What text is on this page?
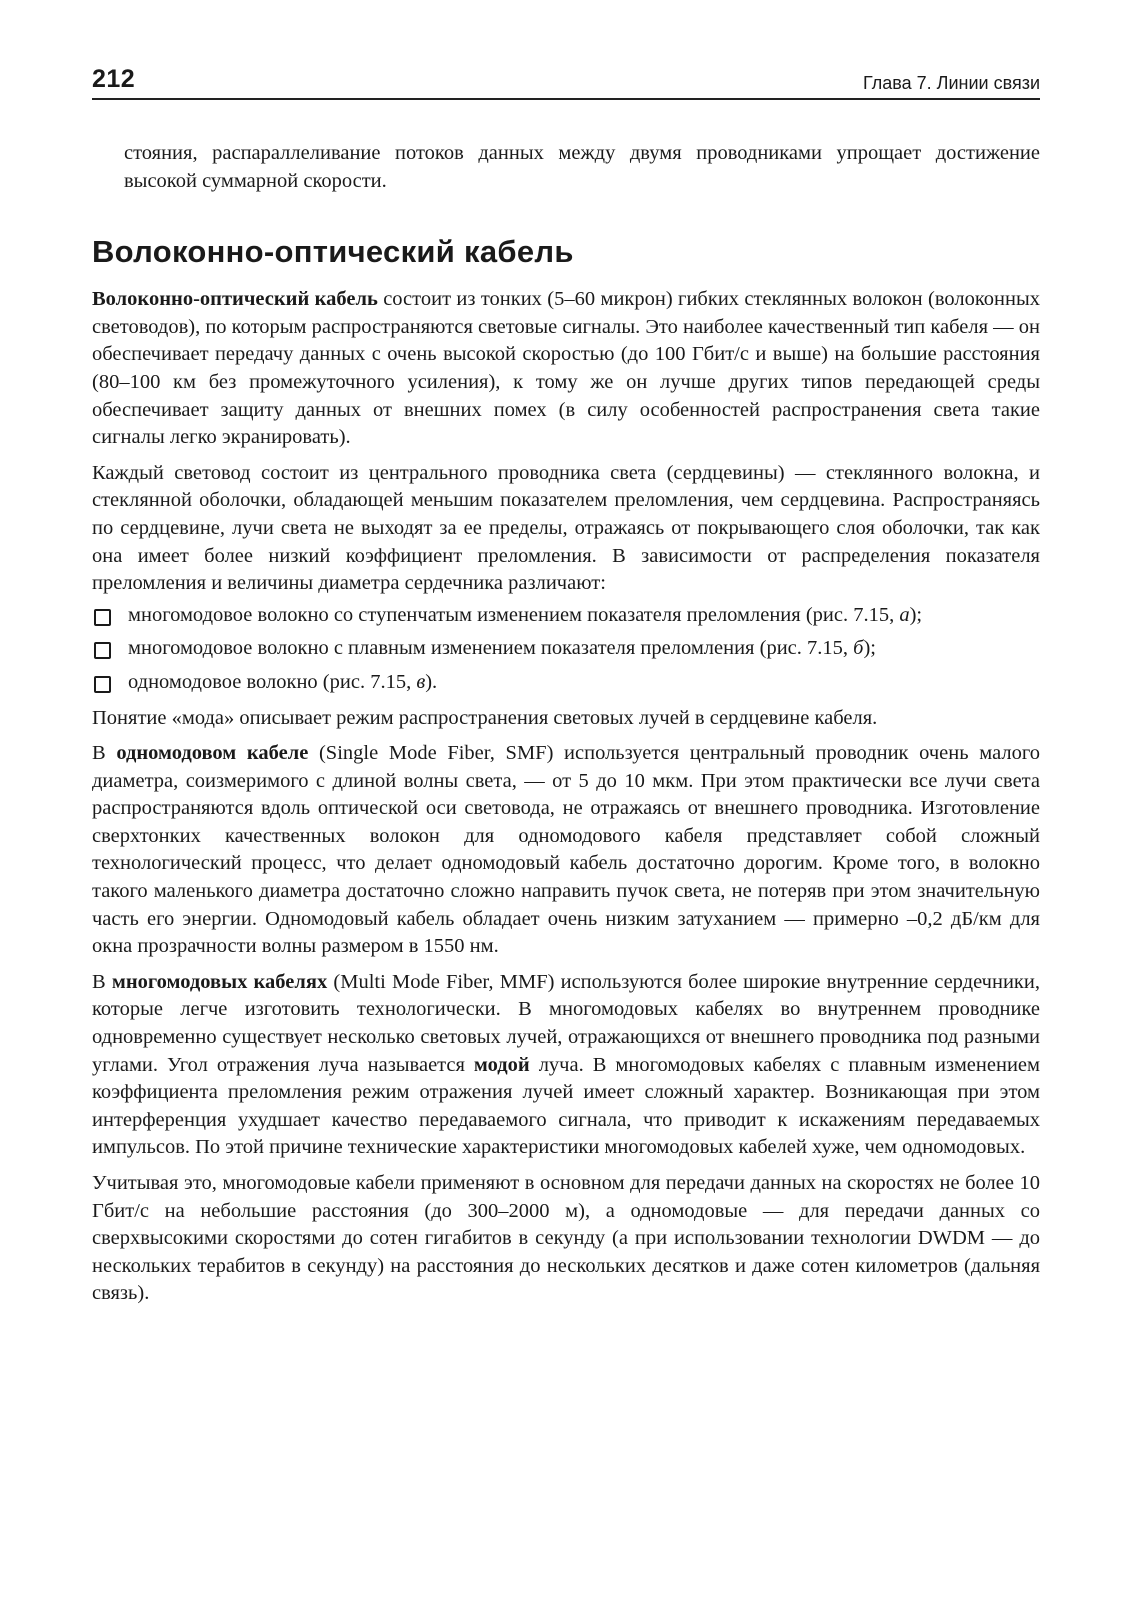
212	Глава 7. Линии связи

стояния, распараллеливание потоков данных между двумя проводниками упрощает достижение высокой суммарной скорости.

Волоконно-оптический кабель

Волоконно-оптический кабель состоит из тонких (5–60 микрон) гибких стеклянных волокон (волоконных световодов), по которым распространяются световые сигналы. Это наиболее качественный тип кабеля — он обеспечивает передачу данных с очень высокой скоростью (до 100 Гбит/с и выше) на большие расстояния (80–100 км без промежуточного усиления), к тому же он лучше других типов передающей среды обеспечивает защиту данных от внешних помех (в силу особенностей распространения света такие сигналы легко экранировать).

Каждый световод состоит из центрального проводника света (сердцевины) — стеклянного волокна, и стеклянной оболочки, обладающей меньшим показателем преломления, чем сердцевина. Распространяясь по сердцевине, лучи света не выходят за ее пределы, отражаясь от покрывающего слоя оболочки, так как она имеет более низкий коэффициент преломления. В зависимости от распределения показателя преломления и величины диаметра сердечника различают:

многомодовое волокно со ступенчатым изменением показателя преломления (рис. 7.15, а);
многомодовое волокно с плавным изменением показателя преломления (рис. 7.15, б);
одномодовое волокно (рис. 7.15, в).

Понятие «мода» описывает режим распространения световых лучей в сердцевине кабеля.

В одномодовом кабеле (Single Mode Fiber, SMF) используется центральный проводник очень малого диаметра, соизмеримого с длиной волны света, — от 5 до 10 мкм. При этом практически все лучи света распространяются вдоль оптической оси световода, не отражаясь от внешнего проводника. Изготовление сверхтонких качественных волокон для одномодового кабеля представляет собой сложный технологический процесс, что делает одномодовый кабель достаточно дорогим. Кроме того, в волокно такого маленького диаметра достаточно сложно направить пучок света, не потеряв при этом значительную часть его энергии. Одномодовый кабель обладает очень низким затуханием — примерно –0,2 дБ/км для окна прозрачности волны размером в 1550 нм.

В многомодовых кабелях (Multi Mode Fiber, MMF) используются более широкие внутренние сердечники, которые легче изготовить технологически. В многомодовых кабелях во внутреннем проводнике одновременно существует несколько световых лучей, отражающихся от внешнего проводника под разными углами. Угол отражения луча называется модой луча. В многомодовых кабелях с плавным изменением коэффициента преломления режим отражения лучей имеет сложный характер. Возникающая при этом интерференция ухудшает качество передаваемого сигнала, что приводит к искажениям передаваемых импульсов. По этой причине технические характеристики многомодовых кабелей хуже, чем одномодовых.

Учитывая это, многомодовые кабели применяют в основном для передачи данных на скоростях не более 10 Гбит/с на небольшие расстояния (до 300–2000 м), а одномодовые — для передачи данных со сверхвысокими скоростями до сотен гигабитов в секунду (а при использовании технологии DWDM — до нескольких терабитов в секунду) на расстояния до нескольких десятков и даже сотен километров (дальняя связь).
